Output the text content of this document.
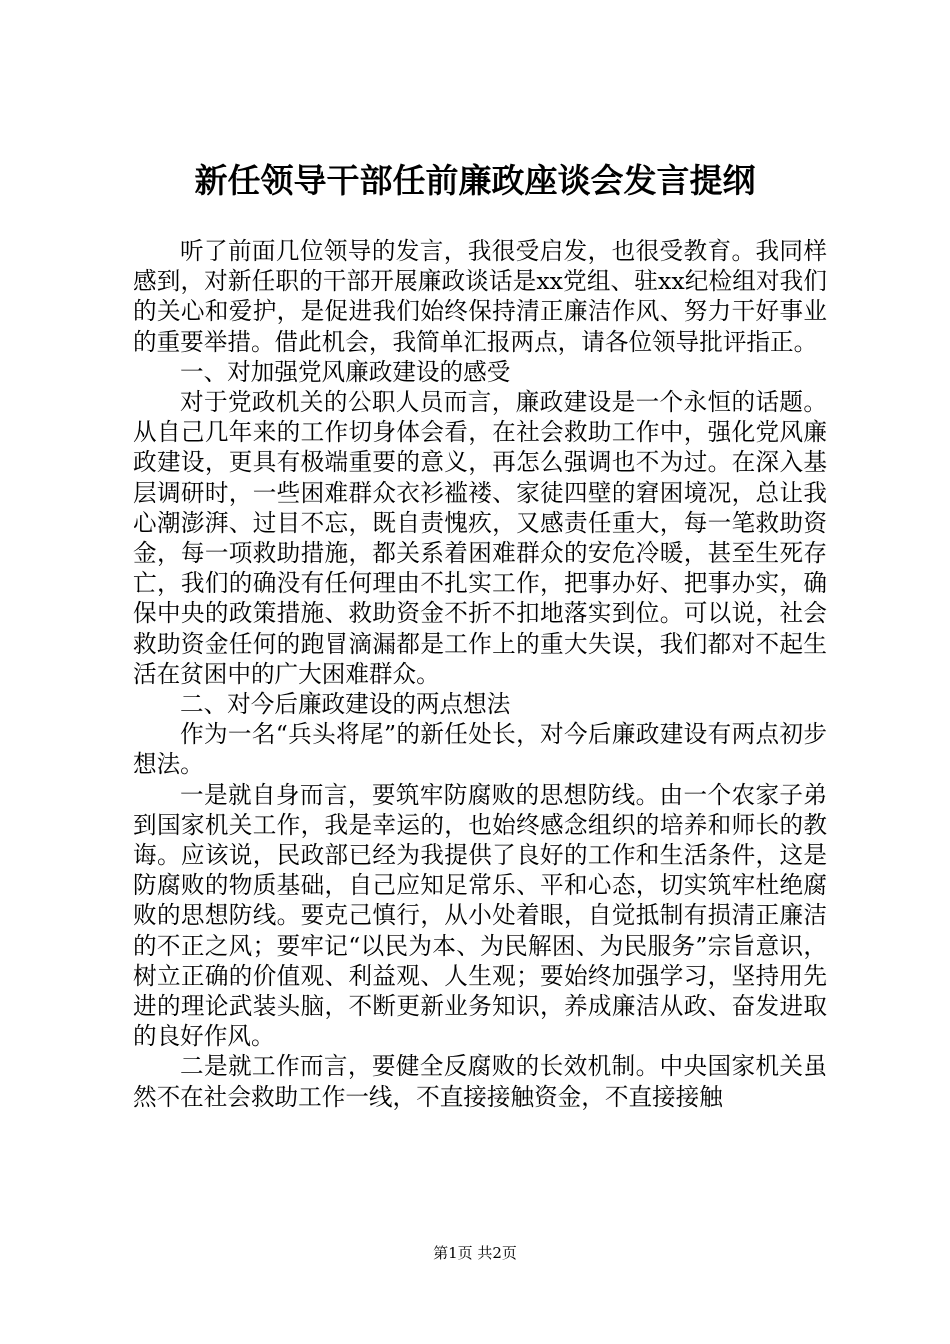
新任领导干部任前廉政座谈会发言提纲

听了前面几位领导的发言，我很受启发，也很受教育。我同样感到，对新任职的干部开展廉政谈话是xx党组、驻xx纪检组对我们的关心和爱护，是促进我们始终保持清正廉洁作风、努力干好事业的重要举措。借此机会，我简单汇报两点，请各位领导批评指正。

一、对加强党风廉政建设的感受

对于党政机关的公职人员而言，廉政建设是一个永恒的话题。从自己几年来的工作切身体会看，在社会救助工作中，强化党风廉政建设，更具有极端重要的意义，再怎么强调也不为过。在深入基层调研时，一些困难群众衣衫褴褛、家徒四壁的窘困境况，总让我心潮澎湃、过目不忘，既自责愧疚，又感责任重大，每一笔救助资金，每一项救助措施，都关系着困难群众的安危冷暖，甚至生死存亡，我们的确没有任何理由不扎实工作，把事办好、把事办实，确保中央的政策措施、救助资金不折不扣地落实到位。可以说，社会救助资金任何的跑冒滴漏都是工作上的重大失误，我们都对不起生活在贫困中的广大困难群众。

二、对今后廉政建设的两点想法

作为一名“兵头将尾”的新任处长，对今后廉政建设有两点初步想法。

一是就自身而言，要筑牢防腐败的思想防线。由一个农家子弟到国家机关工作，我是幸运的，也始终感念组织的培养和师长的教诲。应该说，民政部已经为我提供了良好的工作和生活条件，这是防腐败的物质基础，自己应知足常乐、平和心态，切实筑牢杜绝腐败的思想防线。要克己慎行，从小处着眼，自觉抵制有损清正廉洁的不正之风；要牢记“以民为本、为民解困、为民服务”宗旨意识，树立正确的价值观、利益观、人生观；要始终加强学习，坚持用先进的理论武装头脑，不断更新业务知识，养成廉洁从政、奋发进取的良好作风。

二是就工作而言，要健全反腐败的长效机制。中央国家机关虽然不在社会救助工作一线，不直接接触资金，不直接接触

第1页 共2页
